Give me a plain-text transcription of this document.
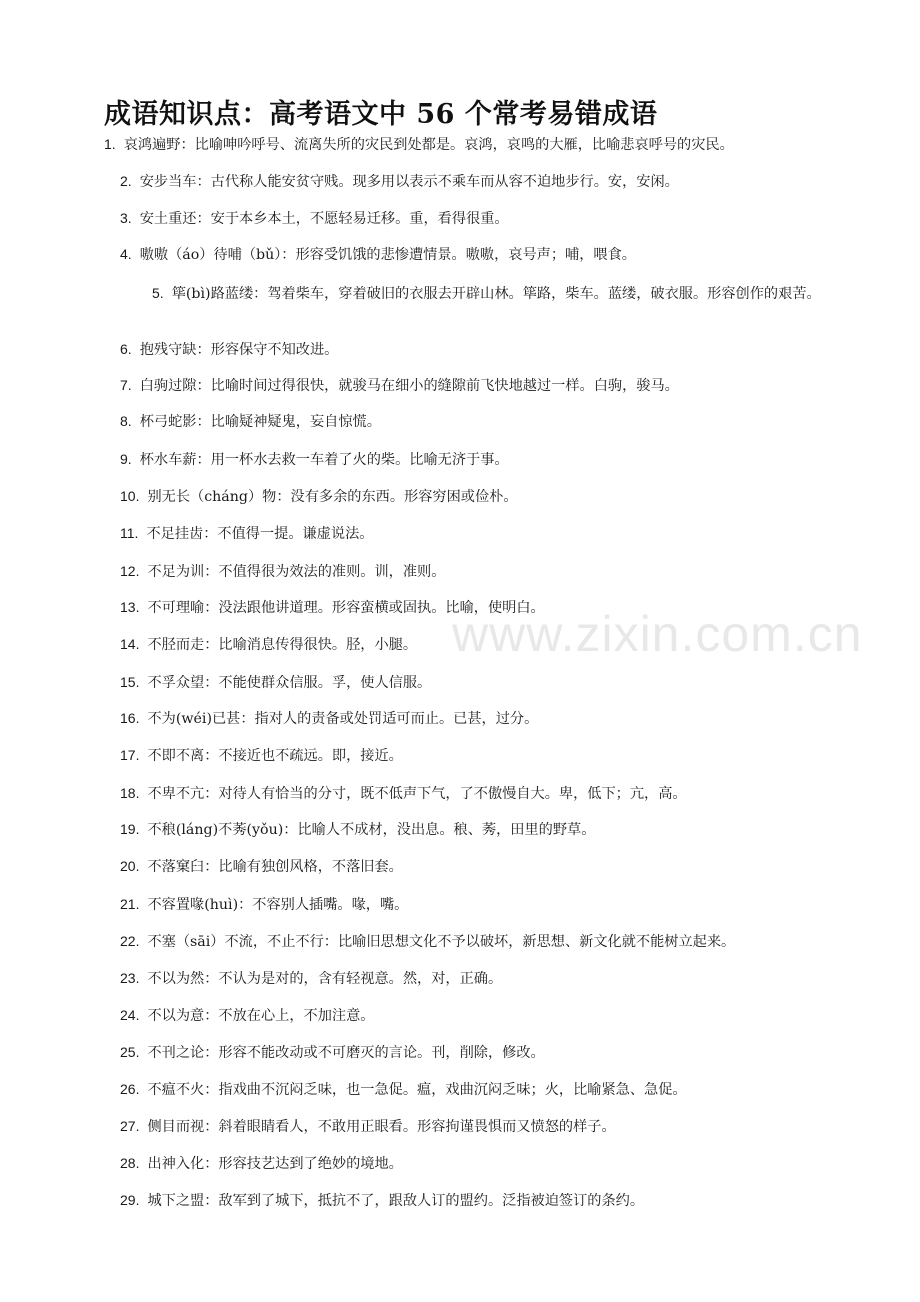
成语知识点：高考语文中 56 个常考易错成语
www.zixin.com.cn
1. 哀鸿遍野：比喻呻吟呼号、流离失所的灾民到处都是。哀鸿，哀鸣的大雁，比喻悲哀呼号的灾民。
2. 安步当车：古代称人能安贫守贱。现多用以表示不乘车而从容不迫地步行。安，安闲。
3. 安土重还：安于本乡本土，不愿轻易迁移。重，看得很重。
4. 嗷嗷（áo）待哺（bǔ）：形容受饥饿的悲惨遭情景。嗷嗷，哀号声；哺，喂食。
5. 筚(bì)路蓝缕：驾着柴车，穿着破旧的衣服去开辟山林。筚路，柴车。蓝缕，破衣服。形容创作的艰苦。
6. 抱残守缺：形容保守不知改进。
7. 白驹过隙：比喻时间过得很快，就骏马在细小的缝隙前飞快地越过一样。白驹，骏马。
8. 杯弓蛇影：比喻疑神疑鬼，妄自惊慌。
9. 杯水车薪：用一杯水去救一车着了火的柴。比喻无济于事。
10. 别无长（cháng）物：没有多余的东西。形容穷困或俭朴。
11. 不足挂齿：不值得一提。谦虚说法。
12. 不足为训：不值得很为效法的准则。训，准则。
13. 不可理喻：没法跟他讲道理。形容蛮横或固执。比喻，使明白。
14. 不胫而走：比喻消息传得很快。胫，小腿。
15. 不孚众望：不能使群众信服。孚，使人信服。
16. 不为(wéi)已甚：指对人的责备或处罚适可而止。已甚，过分。
17. 不即不离：不接近也不疏远。即，接近。
18. 不卑不亢：对待人有恰当的分寸，既不低声下气，了不傲慢自大。卑，低下；亢，高。
19. 不稂(láng)不莠(yǒu)：比喻人不成材，没出息。稂、莠，田里的野草。
20. 不落窠臼：比喻有独创风格，不落旧套。
21. 不容置喙(huì)：不容别人插嘴。喙，嘴。
22. 不塞（sāi）不流，不止不行：比喻旧思想文化不予以破坏，新思想、新文化就不能树立起来。
23. 不以为然：不认为是对的，含有轻视意。然，对，正确。
24. 不以为意：不放在心上，不加注意。
25. 不刊之论：形容不能改动或不可磨灭的言论。刊，削除，修改。
26. 不瘟不火：指戏曲不沉闷乏味，也一急促。瘟，戏曲沉闷乏味；火，比喻紧急、急促。
27. 侧目而视：斜着眼睛看人，不敢用正眼看。形容拘谨畏惧而又愤怒的样子。
28. 出神入化：形容技艺达到了绝妙的境地。
29. 城下之盟：敌军到了城下，抵抗不了，跟敌人订的盟约。泛指被迫签订的条约。
